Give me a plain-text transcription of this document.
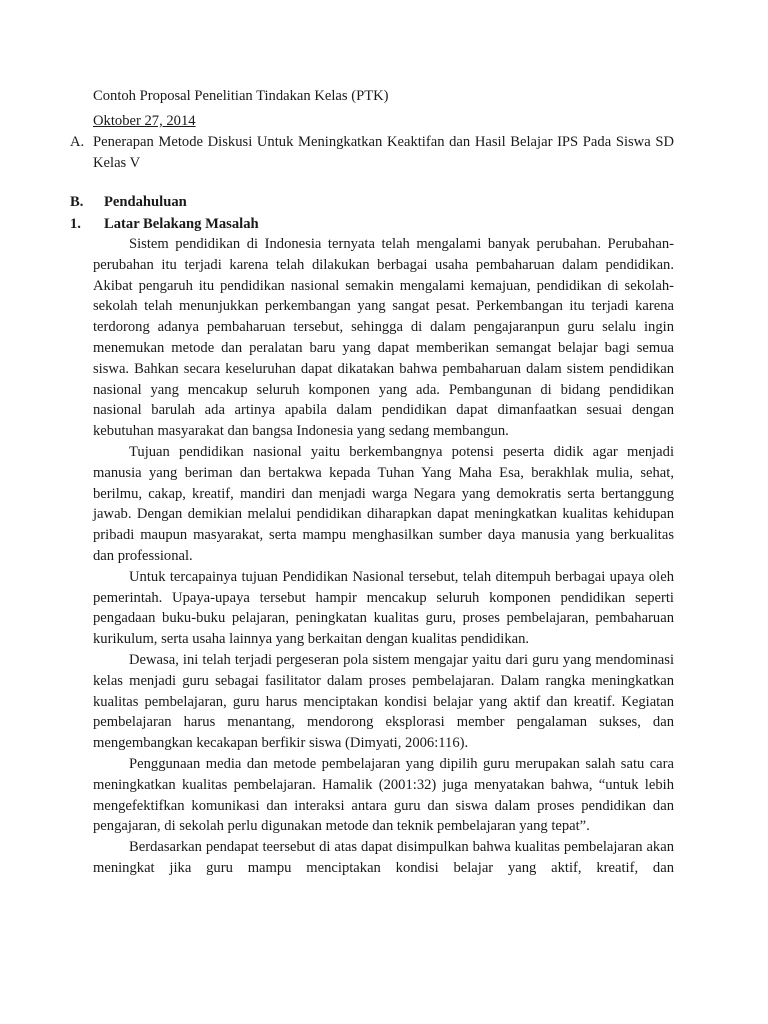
Contoh Proposal Penelitian Tindakan Kelas (PTK)
Oktober 27, 2014
A. Penerapan Metode Diskusi Untuk Meningkatkan Keaktifan dan Hasil Belajar IPS Pada Siswa SD Kelas V
B. Pendahuluan
1. Latar Belakang Masalah

Sistem pendidikan di Indonesia ternyata telah mengalami banyak perubahan. Perubahan-perubahan itu terjadi karena telah dilakukan berbagai usaha pembaharuan dalam pendidikan. Akibat pengaruh itu pendidikan nasional semakin mengalami kemajuan, pendidikan di sekolah-sekolah telah menunjukkan perkembangan yang sangat pesat. Perkembangan itu terjadi karena terdorong adanya pembaharuan tersebut, sehingga di dalam pengajaranpun guru selalu ingin menemukan metode dan peralatan baru yang dapat memberikan semangat belajar bagi semua siswa. Bahkan secara keseluruhan dapat dikatakan bahwa pembaharuan dalam sistem pendidikan nasional yang mencakup seluruh komponen yang ada. Pembangunan di bidang pendidikan nasional barulah ada artinya apabila dalam pendidikan dapat dimanfaatkan sesuai dengan kebutuhan masyarakat dan bangsa Indonesia yang sedang membangun.

Tujuan pendidikan nasional yaitu berkembangnya potensi peserta didik agar menjadi manusia yang beriman dan bertakwa kepada Tuhan Yang Maha Esa, berakhlak mulia, sehat, berilmu, cakap, kreatif, mandiri dan menjadi warga Negara yang demokratis serta bertanggung jawab. Dengan demikian melalui pendidikan diharapkan dapat meningkatkan kualitas kehidupan pribadi maupun masyarakat, serta mampu menghasilkan sumber daya manusia yang berkualitas dan professional.

Untuk tercapainya tujuan Pendidikan Nasional tersebut, telah ditempuh berbagai upaya oleh pemerintah. Upaya-upaya tersebut hampir mencakup seluruh komponen pendidikan seperti pengadaan buku-buku pelajaran, peningkatan kualitas guru, proses pembelajaran, pembaharuan kurikulum, serta usaha lainnya yang berkaitan dengan kualitas pendidikan.

Dewasa, ini telah terjadi pergeseran pola sistem mengajar yaitu dari guru yang mendominasi kelas menjadi guru sebagai fasilitator dalam proses pembelajaran. Dalam rangka meningkatkan kualitas pembelajaran, guru harus menciptakan kondisi belajar yang aktif dan kreatif. Kegiatan pembelajaran harus menantang, mendorong eksplorasi member pengalaman sukses, dan mengembangkan kecakapan berfikir siswa (Dimyati, 2006:116).

Penggunaan media dan metode pembelajaran yang dipilih guru merupakan salah satu cara meningkatkan kualitas pembelajaran. Hamalik (2001:32) juga menyatakan bahwa, “untuk lebih mengefektifkan komunikasi dan interaksi antara guru dan siswa dalam proses pendidikan dan pengajaran, di sekolah perlu digunakan metode dan teknik pembelajaran yang tepat”.

Berdasarkan pendapat teersebut di atas dapat disimpulkan bahwa kualitas pembelajaran akan meningkat jika guru mampu menciptakan kondisi belajar yang aktif, kreatif, dan
